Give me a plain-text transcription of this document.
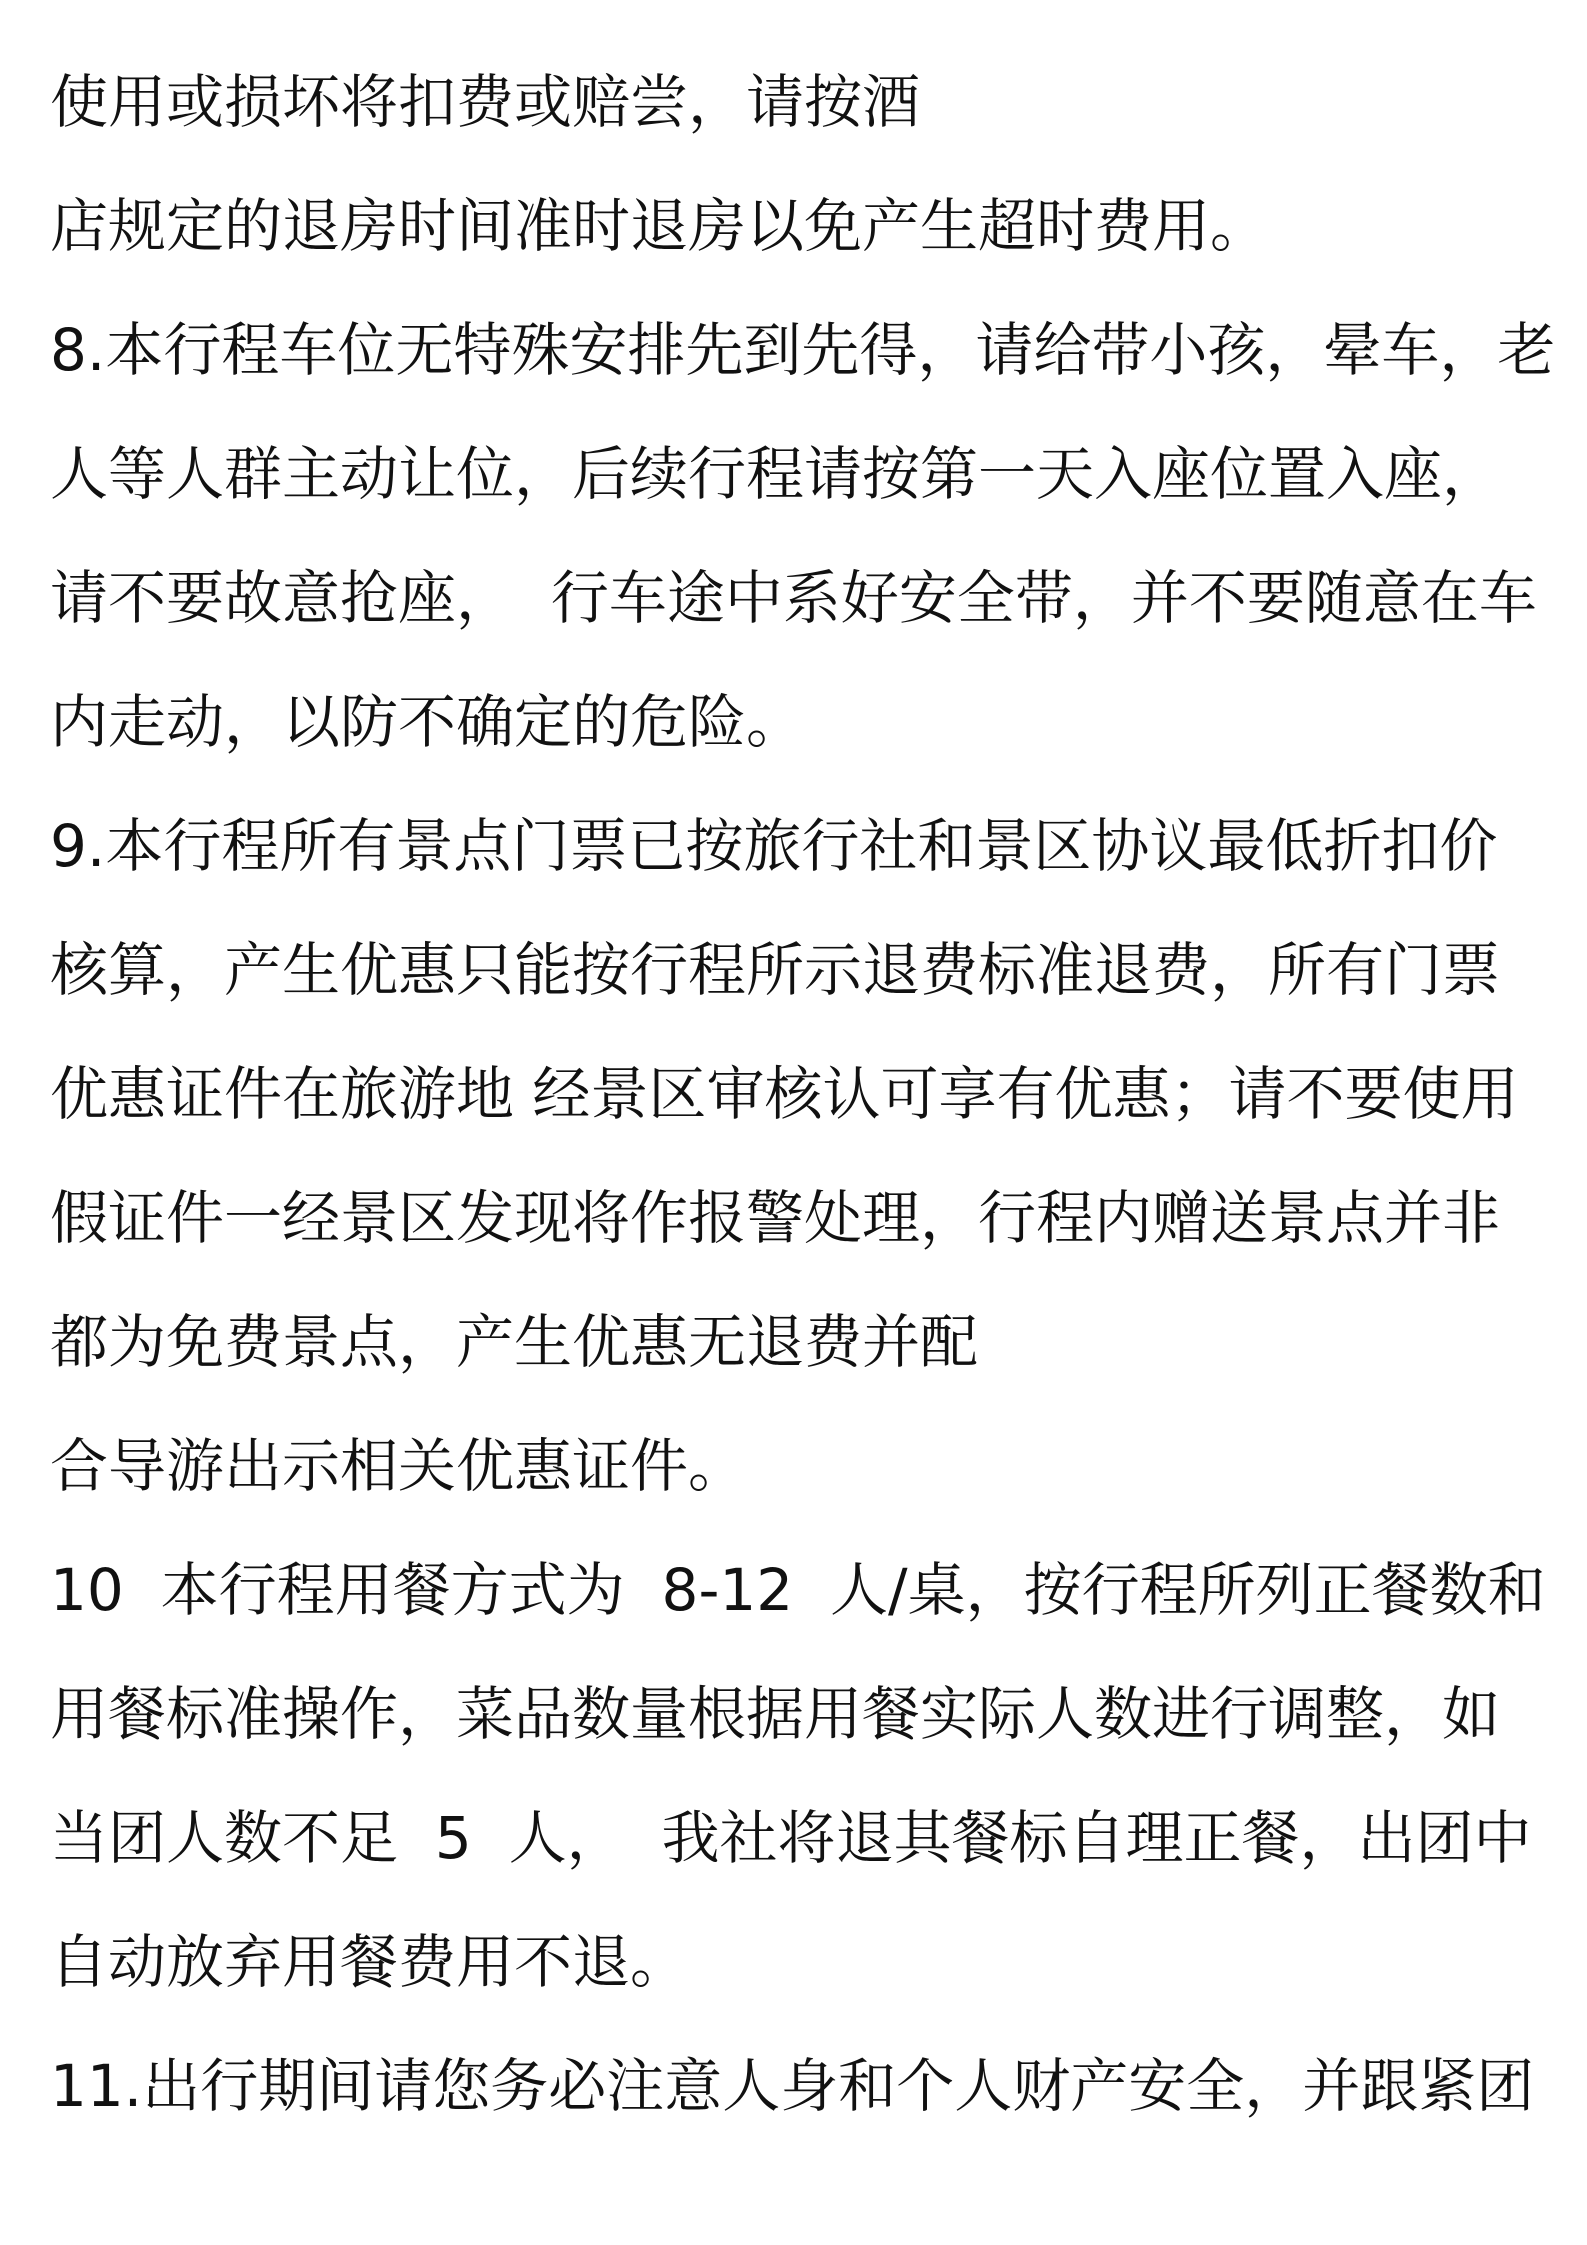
使用或损坏将扣费或赔尝，请按酒
店规定的退房时间准时退房以免产生超时费用。
8.本行程车位无特殊安排先到先得，请给带小孩，晕车，老
人等人群主动让位，后续行程请按第一天入座位置入座，
请不要故意抢座，  行车途中系好安全带，并不要随意在车
内走动，以防不确定的危险。
9.本行程所有景点门票已按旅行社和景区协议最低折扣价
核算，产生优惠只能按行程所示退费标准退费，所有门票
优惠证件在旅游地 经景区审核认可享有优惠；请不要使用
假证件一经景区发现将作报警处理，行程内赠送景点并非
都为免费景点，产生优惠无退费并配
合导游出示相关优惠证件。
10  本行程用餐方式为  8-12  人/桌，按行程所列正餐数和
用餐标准操作，菜品数量根据用餐实际人数进行调整，如
当团人数不足  5  人，  我社将退其餐标自理正餐，出团中
自动放弃用餐费用不退。
11.出行期间请您务必注意人身和个人财产安全，并跟紧团
